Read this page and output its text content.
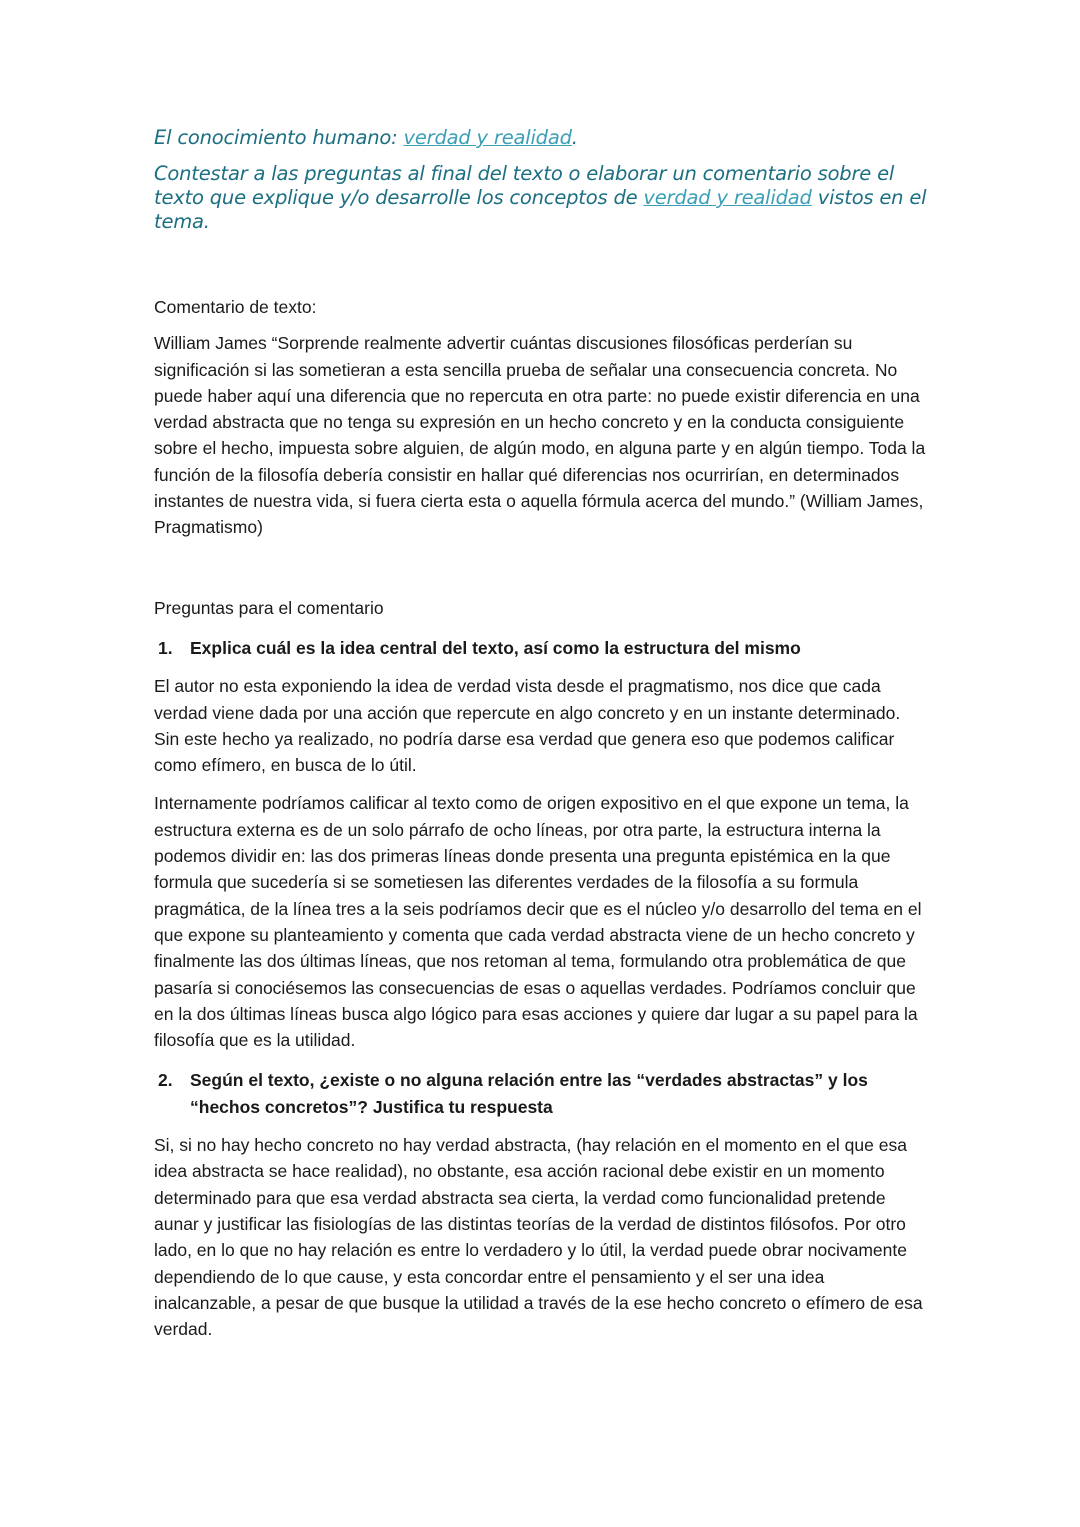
El conocimiento humano: verdad y realidad.

Contestar a las preguntas al final del texto o elaborar un comentario sobre el texto que explique y/o desarrolle los conceptos de verdad y realidad vistos en el tema.

Comentario de texto:

William James “Sorprende realmente advertir cuántas discusiones filosóficas perderían su significación si las sometieran a esta sencilla prueba de señalar una consecuencia concreta. No puede haber aquí una diferencia que no repercuta en otra parte: no puede existir diferencia en una verdad abstracta que no tenga su expresión en un hecho concreto y en la conducta consiguiente sobre el hecho, impuesta sobre alguien, de algún modo, en alguna parte y en algún tiempo. Toda la función de la filosofía debería consistir en hallar qué diferencias nos ocurrirían, en determinados instantes de nuestra vida, si fuera cierta esta o aquella fórmula acerca del mundo.” (William James, Pragmatismo)

Preguntas para el comentario

1. Explica cuál es la idea central del texto, así como la estructura del mismo

El autor no esta exponiendo la idea de verdad vista desde el pragmatismo, nos dice que cada verdad viene dada por una acción que repercute en algo concreto y en un instante determinado. Sin este hecho ya realizado, no podría darse esa verdad que genera eso que podemos calificar como efímero, en busca de lo útil.

Internamente podríamos calificar al texto como de origen expositivo en el que expone un tema, la estructura externa es de un solo párrafo de ocho líneas, por otra parte, la estructura interna la podemos dividir en: las dos primeras líneas donde presenta una pregunta epistémica en la que formula que sucedería si se sometiesen las diferentes verdades de la filosofía a su formula pragmática, de la línea tres a la seis podríamos decir que es el núcleo y/o desarrollo del tema en el que expone su planteamiento y comenta que cada verdad abstracta viene de un hecho concreto y finalmente las dos últimas líneas, que nos retoman al tema, formulando otra problemática de que pasaría si conociésemos las consecuencias de esas o aquellas verdades. Podríamos concluir que en la dos últimas líneas busca algo lógico para esas acciones y quiere dar lugar a su papel para la filosofía que es la utilidad.

2. Según el texto, ¿existe o no alguna relación entre las “verdades abstractas” y los “hechos concretos”? Justifica tu respuesta

Si, si no hay hecho concreto no hay verdad abstracta, (hay relación en el momento en el que esa idea abstracta se hace realidad), no obstante, esa acción racional debe existir en un momento determinado para que esa verdad abstracta sea cierta, la verdad como funcionalidad pretende aunar y justificar las fisiologías de las distintas teorías de la verdad de distintos filósofos. Por otro lado, en lo que no hay relación es entre lo verdadero y lo útil, la verdad puede obrar nocivamente dependiendo de lo que cause, y esta concordar entre el pensamiento y el ser una idea inalcanzable, a pesar de que busque la utilidad a través de la ese hecho concreto o efímero de esa verdad.
